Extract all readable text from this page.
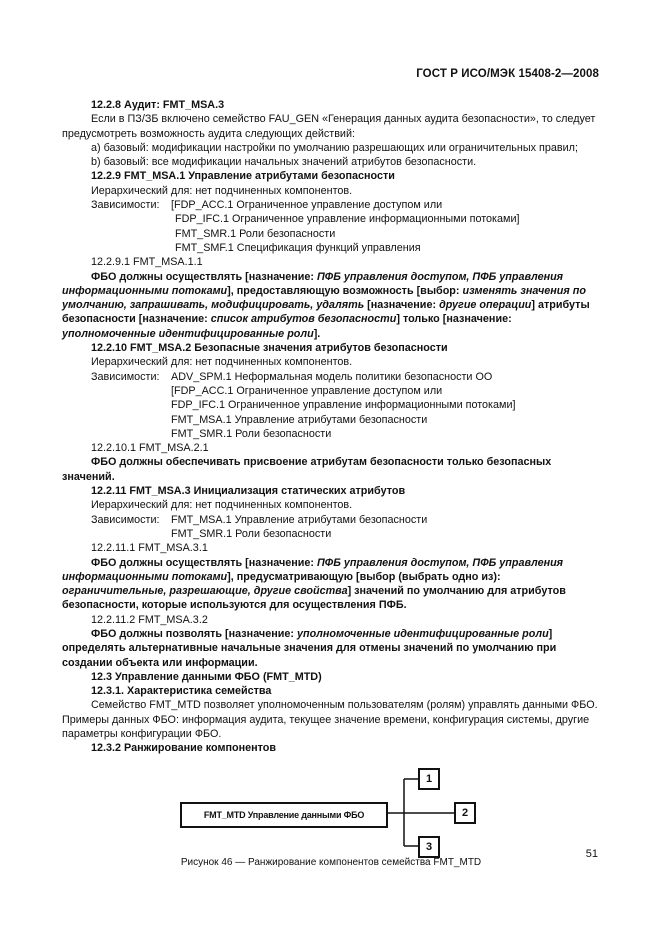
ГОСТ Р ИСО/МЭК 15408-2—2008

12.2.8 Аудит: FMT_MSA.3

Если в ПЗ/ЗБ включено семейство FAU_GEN «Генерация данных аудита безопасности», то следует предусмотреть возможность аудита следующих действий:

a) базовый: модификации настройки по умолчанию разрешающих или ограничительных правил;

b) базовый: все модификации начальных значений атрибутов безопасности.

12.2.9 FMT_MSA.1 Управление атрибутами безопасности

Иерархический для: нет подчиненных компонентов.

Зависимости:	[FDP_ACC.1 Ограниченное управление доступом или
FDP_IFC.1 Ограниченное управление информационными потоками]
FMT_SMR.1 Роли безопасности
FMT_SMF.1 Спецификация функций управления

12.2.9.1 FMT_MSA.1.1

ФБО должны осуществлять [назначение: ПФБ управления доступом, ПФБ управления информационными потоками], предоставляющую возможность [выбор: изменять значения по умолчанию, запрашивать, модифицировать, удалять [назначение: другие операции] атрибуты безопасности [назначение: список атрибутов безопасности] только [назначение: уполномоченные идентифицированные роли].

12.2.10 FMT_MSA.2 Безопасные значения атрибутов безопасности

Иерархический для: нет подчиненных компонентов.

Зависимости:	ADV_SPM.1 Неформальная модель политики безопасности ОО
[FDP_ACC.1 Ограниченное управление доступом или
FDP_IFC.1 Ограниченное управление информационными потоками]
FMT_MSA.1 Управление атрибутами безопасности
FMT_SMR.1 Роли безопасности

12.2.10.1 FMT_MSA.2.1

ФБО должны обеспечивать присвоение атрибутам безопасности только безопасных значений.

12.2.11 FMT_MSA.3 Инициализация статических атрибутов

Иерархический для: нет подчиненных компонентов.

Зависимости:	FMT_MSA.1 Управление атрибутами безопасности
FMT_SMR.1 Роли безопасности

12.2.11.1 FMT_MSA.3.1

ФБО должны осуществлять [назначение: ПФБ управления доступом, ПФБ управления информационными потоками], предусматривающую [выбор (выбрать одно из): ограничительные, разрешающие, другие свойства] значений по умолчанию для атрибутов безопасности, которые используются для осуществления ПФБ.

12.2.11.2 FMT_MSA.3.2

ФБО должны позволять [назначение: уполномоченные идентифицированные роли] определять альтернативные начальные значения для отмены значений по умолчанию при создании объекта или информации.

12.3 Управление данными ФБО (FMT_MTD)

12.3.1. Характеристика семейства

Семейство FMT_MTD позволяет уполномоченным пользователям (ролям) управлять данными ФБО. Примеры данных ФБО: информация аудита, текущее значение времени, конфигурация системы, другие параметры конфигурации ФБО.

12.3.2 Ранжирование компонентов

FMT_MTD Управление данными ФБО
1
2
3

Рисунок 46 — Ранжирование компонентов семейства FMT_MTD

51
